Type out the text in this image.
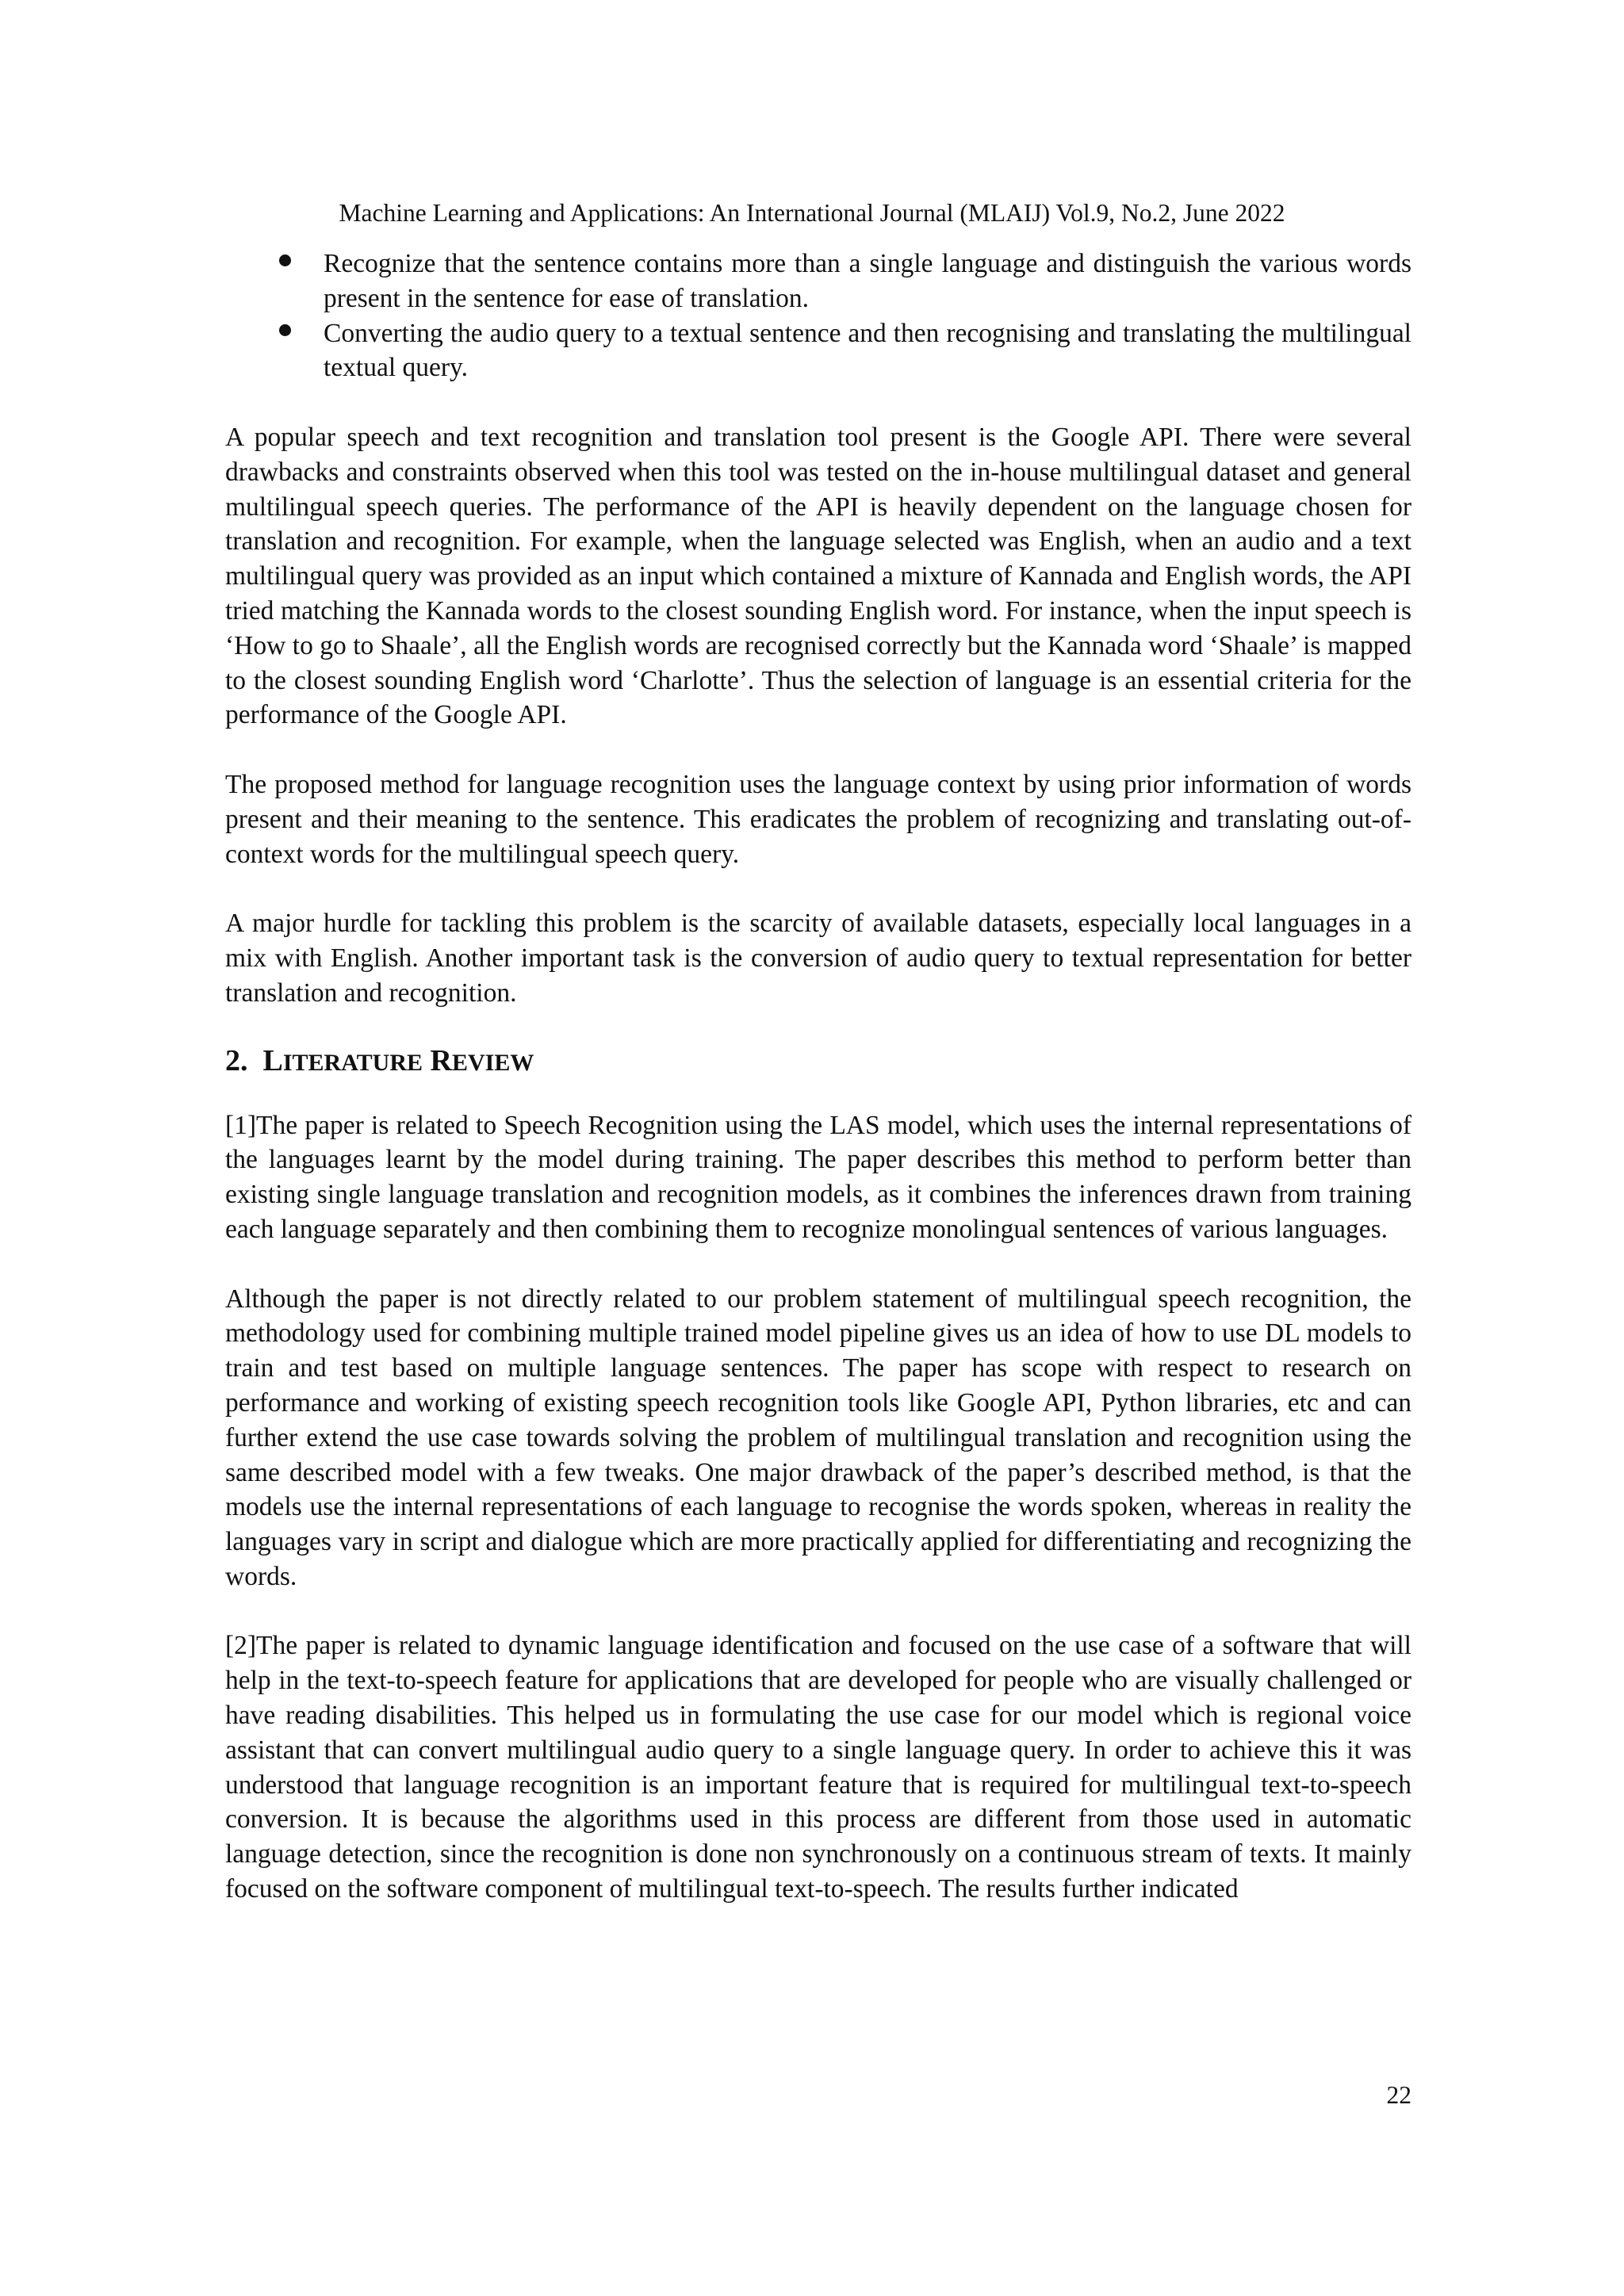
Machine Learning and Applications: An International Journal (MLAIJ) Vol.9, No.2, June 2022

Recognize that the sentence contains more than a single language and distinguish the various words present in the sentence for ease of translation.
Converting the audio query to a textual sentence and then recognising and translating the multilingual textual query.

A popular speech and text recognition and translation tool present is the Google API. There were several drawbacks and constraints observed when this tool was tested on the in-house multilingual dataset and general multilingual speech queries. The performance of the API is heavily dependent on the language chosen for translation and recognition. For example, when the language selected was English, when an audio and a text multilingual query was provided as an input which contained a mixture of Kannada and English words, the API tried matching the Kannada words to the closest sounding English word. For instance, when the input speech is ‘How to go to Shaale’, all the English words are recognised correctly but the Kannada word ‘Shaale’ is mapped to the closest sounding English word ‘Charlotte’. Thus the selection of language is an essential criteria for the performance of the Google API.

The proposed method for language recognition uses the language context by using prior information of words present and their meaning to the sentence. This eradicates the problem of recognizing and translating out-of-context words for the multilingual speech query.

A major hurdle for tackling this problem is the scarcity of available datasets, especially local languages in a mix with English. Another important task is the conversion of audio query to textual representation for better translation and recognition.

2. LITERATURE REVIEW

[1]The paper is related to Speech Recognition using the LAS model, which uses the internal representations of the languages learnt by the model during training. The paper describes this method to perform better than existing single language translation and recognition models, as it combines the inferences drawn from training each language separately and then combining them to recognize monolingual sentences of various languages.

Although the paper is not directly related to our problem statement of multilingual speech recognition, the methodology used for combining multiple trained model pipeline gives us an idea of how to use DL models to train and test based on multiple language sentences. The paper has scope with respect to research on performance and working of existing speech recognition tools like Google API, Python libraries, etc and can further extend the use case towards solving the problem of multilingual translation and recognition using the same described model with a few tweaks. One major drawback of the paper’s described method, is that the models use the internal representations of each language to recognise the words spoken, whereas in reality the languages vary in script and dialogue which are more practically applied for differentiating and recognizing the words.

[2]The paper is related to dynamic language identification and focused on the use case of a software that will help in the text-to-speech feature for applications that are developed for people who are visually challenged or have reading disabilities. This helped us in formulating the use case for our model which is regional voice assistant that can convert multilingual audio query to a single language query. In order to achieve this it was understood that language recognition is an important feature that is required for multilingual text-to-speech conversion. It is because the algorithms used in this process are different from those used in automatic language detection, since the recognition is done non synchronously on a continuous stream of texts. It mainly focused on the software component of multilingual text-to-speech. The results further indicated

22
